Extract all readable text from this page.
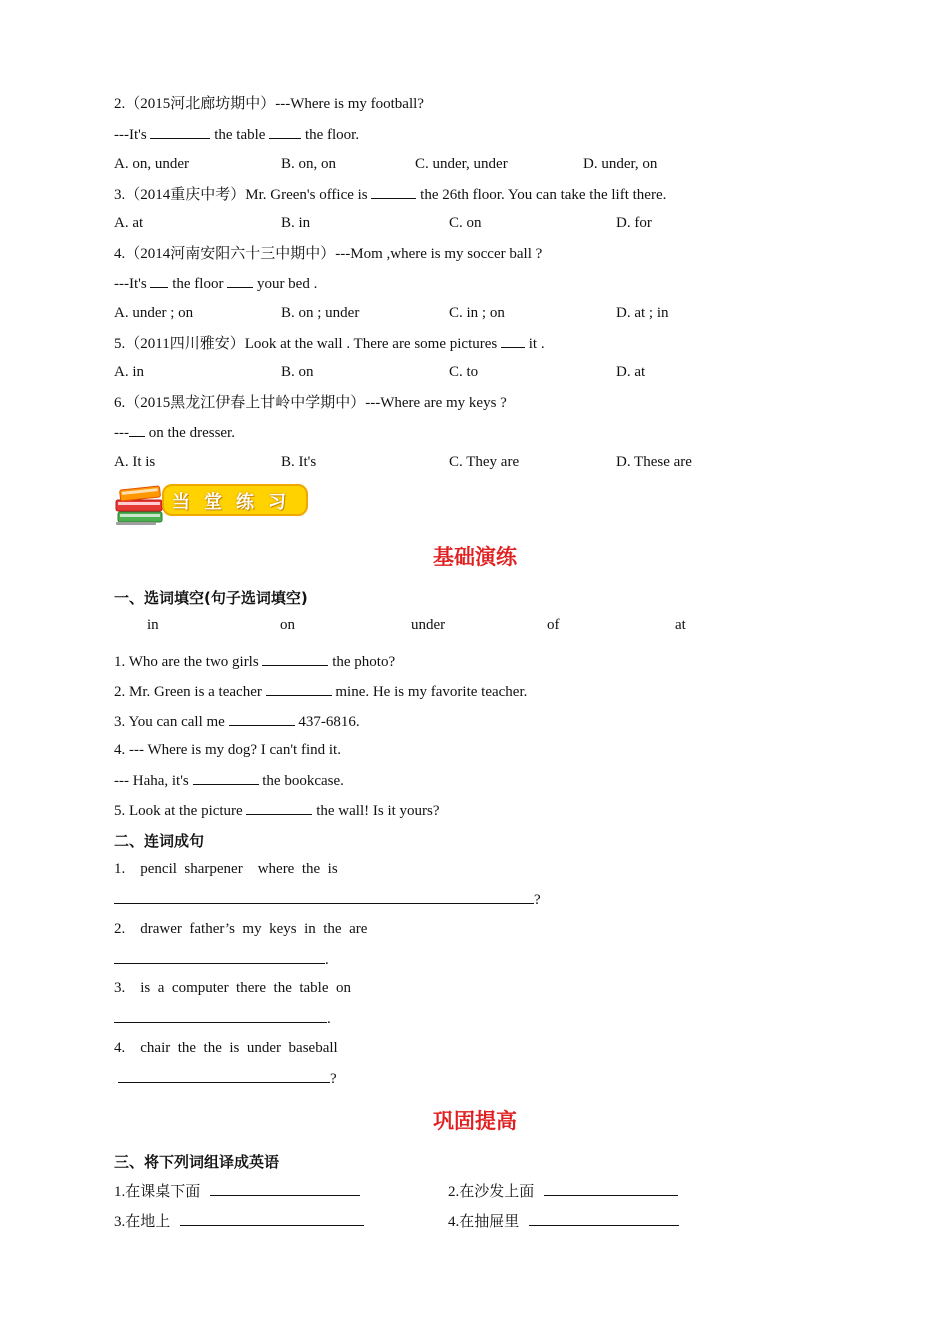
2.（2015河北廊坊期中）---Where is my football?
---It's	the table  the floor.
A. on, under	B. on, on	C. under, under	D. under, on
3.（2014重庆中考）Mr. Green's office is	the 26th floor. You can take the lift there.
A. at	B. in	C. on	D. for
4.（2014河南安阳六十三中期中）---Mom ,where is my soccer ball ?
---It's  the floor  your bed .
A. under ; on	B. on ; under	C. in ; on	D. at ; in
5.（2011四川雅安）Look at the wall . There are some pictures  it .
A. in	B. on	C. to	D. at
6.（2015黑龙江伊春上甘岭中学期中）---Where are my keys ?
--- on the dresser.
A. It is	B. It's	C. They are	D. These are
当堂练习
基础演练
一、选词填空(句子选词填空)
in	on	under	of	at
1. Who are the two girls	the photo?
2. Mr. Green is a teacher	mine. He is my favorite teacher.
3. You can call me	437-6816.
4. --- Where is my dog? I can't find it.
--- Haha, it's	the bookcase.
5. Look at the picture	the wall! Is it yours?
二、连词成句
1.    pencil  sharpener    where  the  is
?
2.    drawer  father’s  my  keys  in  the  are
.
3.    is  a  computer  there  the  table  on
.
4.    chair  the  the  is  under  baseball
?
巩固提高
三、将下列词组译成英语
1.在课桌下面	2.在沙发上面
3.在地上	4.在抽屉里
